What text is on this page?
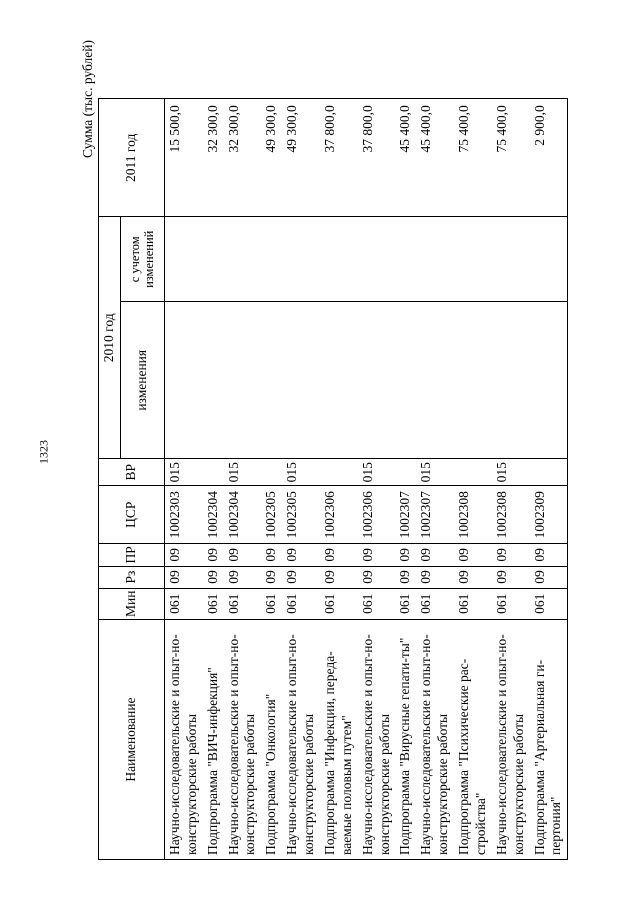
1323
Сумма (тыс. рублей)
Наименование	Мин	Рз	ПР	ЦСР	ВР	2010 год		2011 год
						изменения	с учетом
изменений	
Научно-исследовательские и опыт-но-конструкторские работы	061	09	09	1002303	015			15 500,0
Подпрограмма "ВИЧ-инфекция"	061	09	09	1002304				32 300,0
Научно-исследовательские и опыт-но-конструкторские работы	061	09	09	1002304	015			32 300,0
Подпрограмма "Онкология"	061	09	09	1002305				49 300,0
Научно-исследовательские и опыт-но-конструкторские работы	061	09	09	1002305	015			49 300,0
Подпрограмма "Инфекции, переда-ваемые половым путем"	061	09	09	1002306				37 800,0
Научно-исследовательские и опыт-но-конструкторские работы	061	09	09	1002306	015			37 800,0
Подпрограмма "Вирусные гепати-ты"	061	09	09	1002307				45 400,0
Научно-исследовательские и опыт-но-конструкторские работы	061	09	09	1002307	015			45 400,0
Подпрограмма "Психические рас-стройства"	061	09	09	1002308				75 400,0
Научно-исследовательские и опыт-но-конструкторские работы	061	09	09	1002308	015			75 400,0
Подпрограмма "Артериальная ги-пертония"	061	09	09	1002309				2 900,0
